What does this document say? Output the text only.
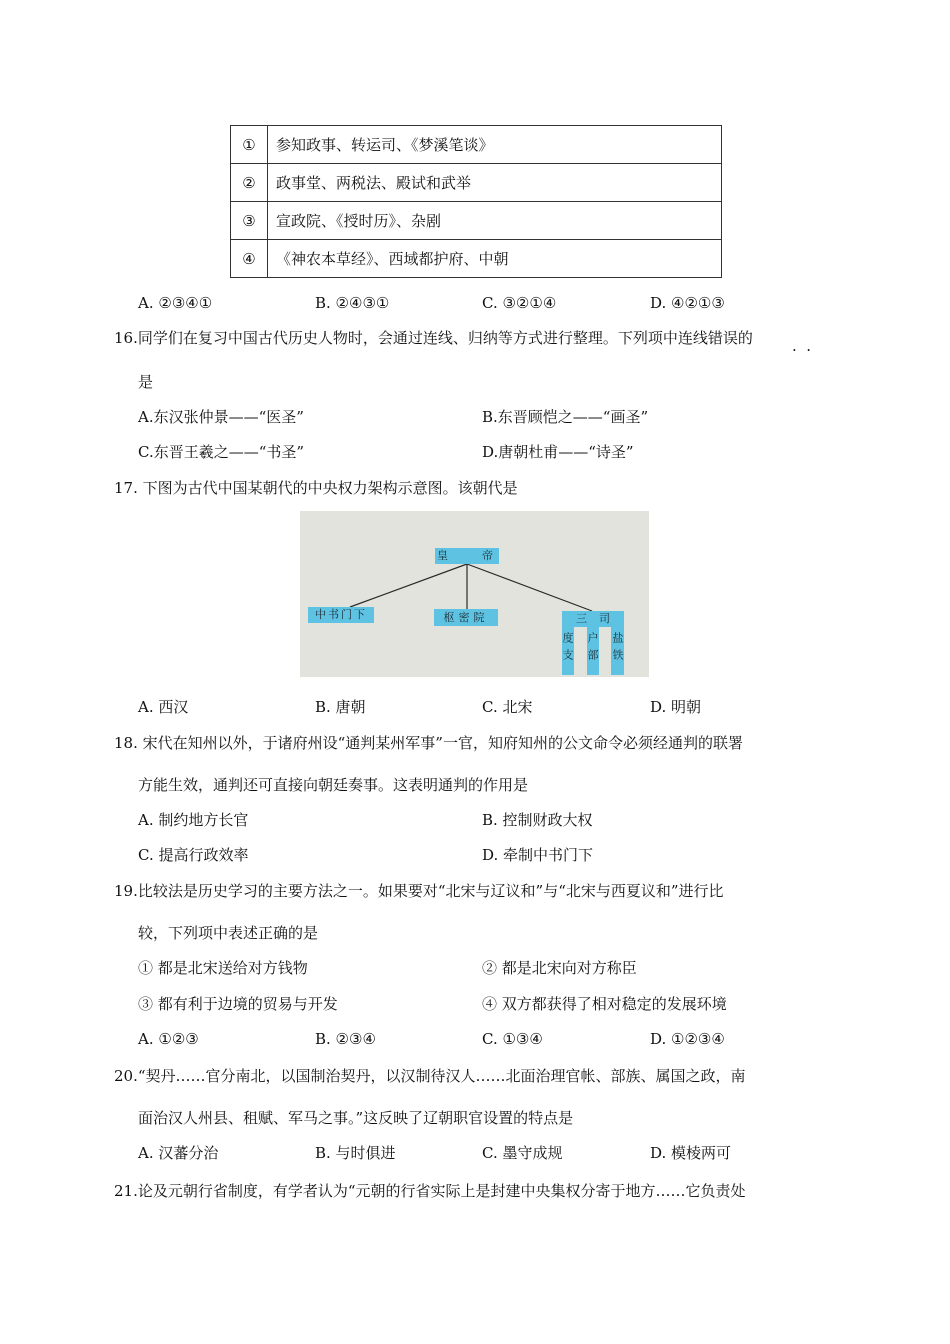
①	参知政事、转运司、《梦溪笔谈》
②	政事堂、两税法、殿试和武举
③	宣政院、《授时历》、杂剧
④	《神农本草经》、西域都护府、中朝
A. ②③④①	B. ②④③①	C. ③②①④	D. ④②①③
16.同学们在复习中国古代历史人物时，会通过连线、归纳等方式进行整理。下列项中连线错误的
·  ·
是
A.东汉张仲景——“医圣”	B.东晋顾恺之——“画圣”
C.东晋王羲之——“书圣”	D.唐朝杜甫——“诗圣”
17. 下图为古代中国某朝代的中央权力架构示意图。该朝代是
皇　　帝
中书门下	枢密院	三司
度支 户部 盐铁
A. 西汉	B. 唐朝	C. 北宋	D. 明朝
18. 宋代在知州以外，于诸府州设“通判某州军事”一官，知府知州的公文命令必须经通判的联署
方能生效，通判还可直接向朝廷奏事。这表明通判的作用是
A. 制约地方长官	B. 控制财政大权
C. 提高行政效率	D. 牵制中书门下
19.比较法是历史学习的主要方法之一。如果要对“北宋与辽议和”与“北宋与西夏议和”进行比
较，下列项中表述正确的是
① 都是北宋送给对方钱物	② 都是北宋向对方称臣
③ 都有利于边境的贸易与开发	④ 双方都获得了相对稳定的发展环境
A. ①②③	B. ②③④	C. ①③④	D. ①②③④
20.“契丹……官分南北，以国制治契丹，以汉制待汉人……北面治理官帐、部族、属国之政，南
面治汉人州县、租赋、军马之事。”这反映了辽朝职官设置的特点是
A. 汉蕃分治	B. 与时俱进	C. 墨守成规	D. 模棱两可
21.论及元朝行省制度，有学者认为“元朝的行省实际上是封建中央集权分寄于地方……它负责处
